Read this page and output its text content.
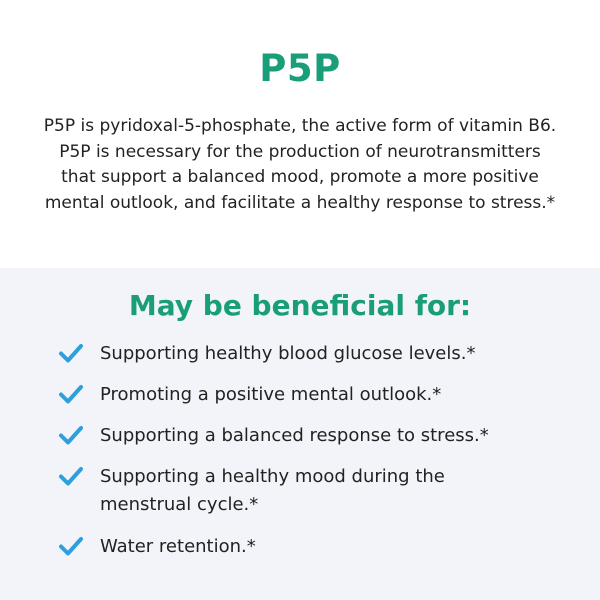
P5P
P5P is pyridoxal-5-phosphate, the active form of vitamin B6. P5P is necessary for the production of neurotransmitters that support a balanced mood, promote a more positive mental outlook, and facilitate a healthy response to stress.*
May be beneficial for:
Supporting healthy blood glucose levels.*
Promoting a positive mental outlook.*
Supporting a balanced response to stress.*
Supporting a healthy mood during the menstrual cycle.*
Water retention.*
